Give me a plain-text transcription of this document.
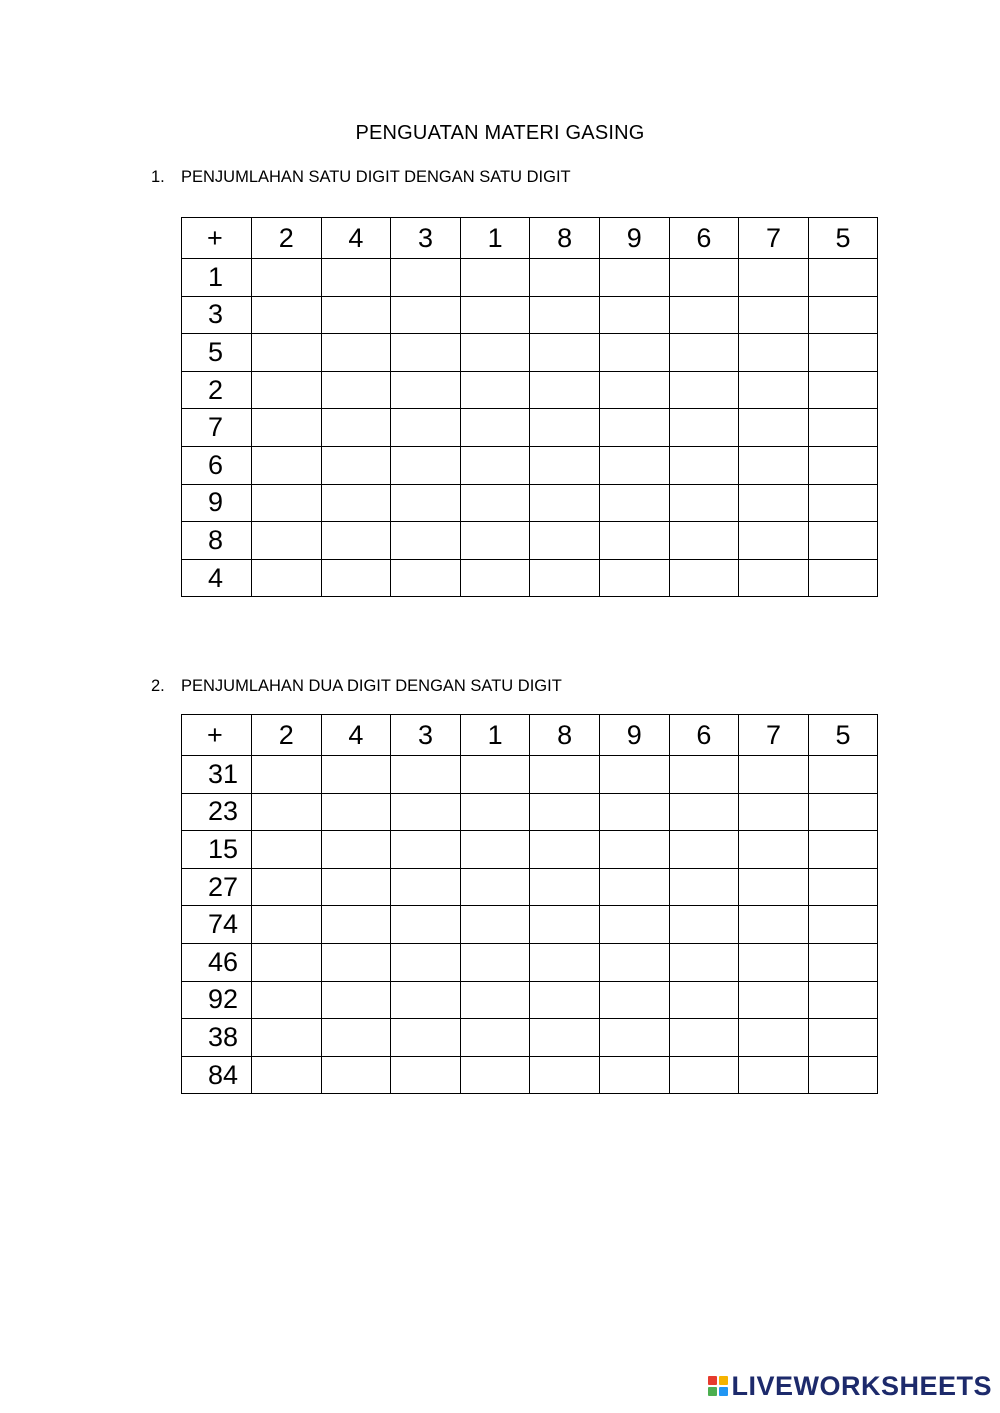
PENGUATAN MATERI GASING
1. PENJUMLAHAN SATU DIGIT DENGAN SATU DIGIT
+	2	4	3	1	8	9	6	7	5
1									
3									
5									
2									
7									
6									
9									
8									
4									
2. PENJUMLAHAN DUA DIGIT DENGAN SATU DIGIT
+	2	4	3	1	8	9	6	7	5
31									
23									
15									
27									
74									
46									
92									
38									
84									
LIVEWORKSHEETS
